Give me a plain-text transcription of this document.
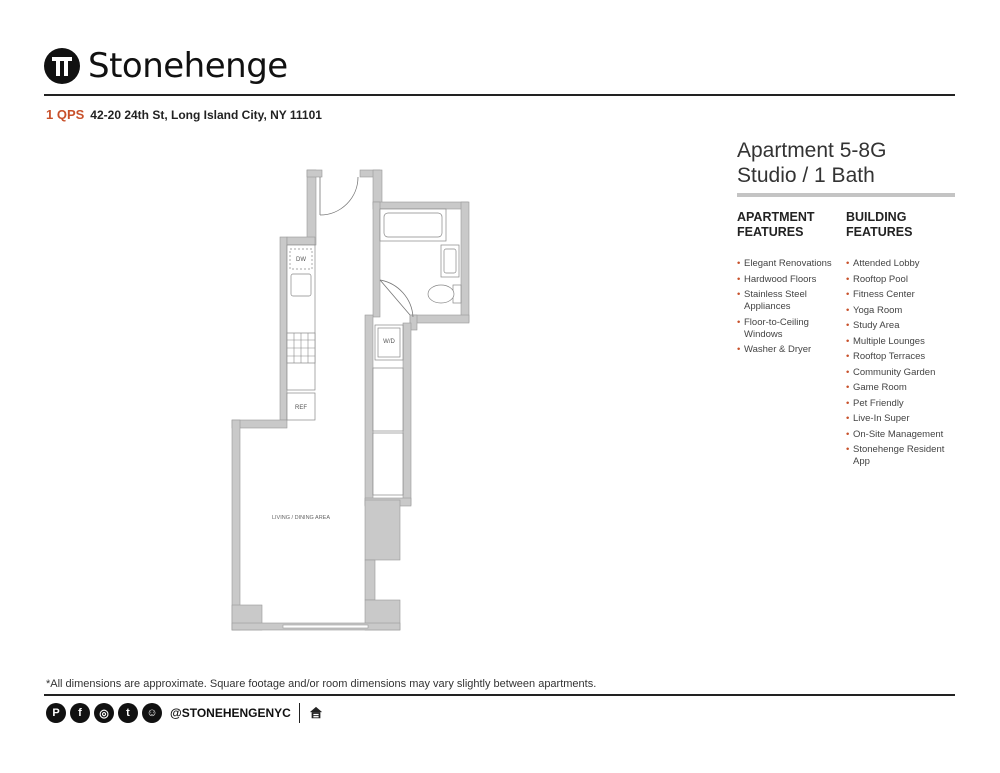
Stonehenge
1 QPS 42-20 24th St, Long Island City, NY 11101
Apartment 5-8G
Studio / 1 Bath
APARTMENT
FEATURES
• Elegant Renovations
• Hardwood Floors
• Stainless Steel Appliances
• Floor-to-Ceiling Windows
• Washer & Dryer
BUILDING
FEATURES
• Attended Lobby
• Rooftop Pool
• Fitness Center
• Yoga Room
• Study Area
• Multiple Lounges
• Rooftop Terraces
• Community Garden
• Game Room
• Pet Friendly
• Live-In Super
• On-Site Management
• Stonehenge Resident App
DW
W/D
REF
LIVING / DINING AREA
*All dimensions are approximate. Square footage and/or room dimensions may vary slightly between apartments.
P	f	◎	t	☺	@STONEHENGENYC
